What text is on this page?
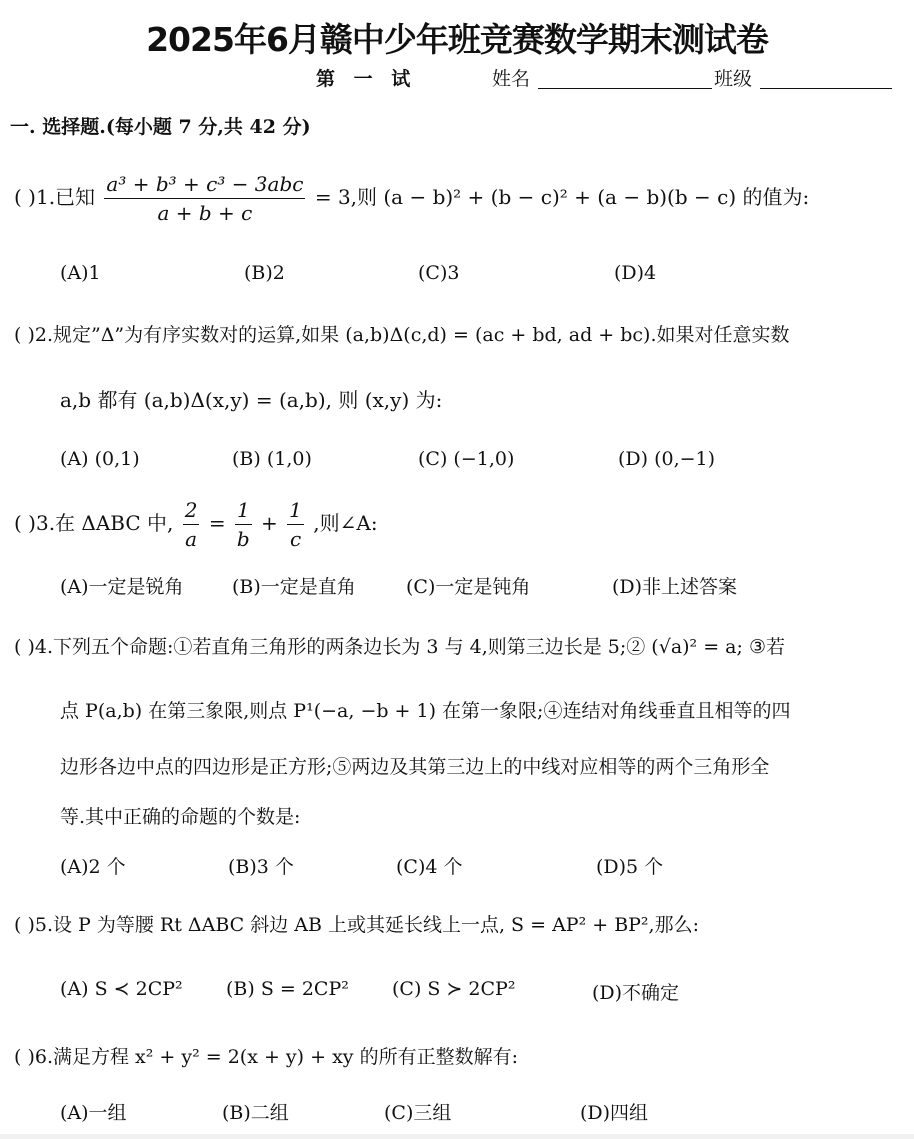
2025年6月赣中少年班竞赛数学期末测试卷
第 一 试	姓名	班级
一. 选择题.(每小题 7 分,共 42 分)
( )1.已知 $\frac{\text{a³ + b³ + c³ − 3abc}}{a + b + c} = 3$,则 (a − b)² + (b − c)² + (a − b)(b − c) 的值为:
(A)1	(B)2	(C)3	(D)4
( )2.规定”Δ”为有序实数对的运算,如果 (a,b)Δ(c,d) = (ac + bd, ad + bc).如果对任意实数
a,b 都有 (a,b)Δ(x,y) = (a,b), 则 (x,y) 为:
(A) (0,1)	(B) (1,0)	(C) (−1,0)	(D) (0,−1)
( )3.在 ΔABC 中, $\frac{2}{a} = \frac{1}{b} + \frac{1}{c}$ ,则∠A:
(A)一定是锐角	(B)一定是直角	(C)一定是钝角	(D)非上述答案
( )4.下列五个命题:①若直角三角形的两条边长为 3 与 4,则第三边长是 5;② (√a)² = a; ③若
点 P(a,b) 在第三象限,则点 P¹(−a, −b + 1) 在第一象限;④连结对角线垂直且相等的四
边形各边中点的四边形是正方形;⑤两边及其第三边上的中线对应相等的两个三角形全
等.其中正确的命题的个数是:
(A)2 个	(B)3 个	(C)4 个	(D)5 个
( )5.设 P 为等腰 Rt ΔABC 斜边 AB 上或其延长线上一点, S = AP² + BP²,那么:
(A) S ≺ 2CP² (B) S = 2CP² (C) S ≻ 2CP²	(D)不确定
( )6.满足方程 x² + y² = 2(x + y) + xy 的所有正整数解有:
(A)一组	(B)二组	(C)三组	(D)四组
